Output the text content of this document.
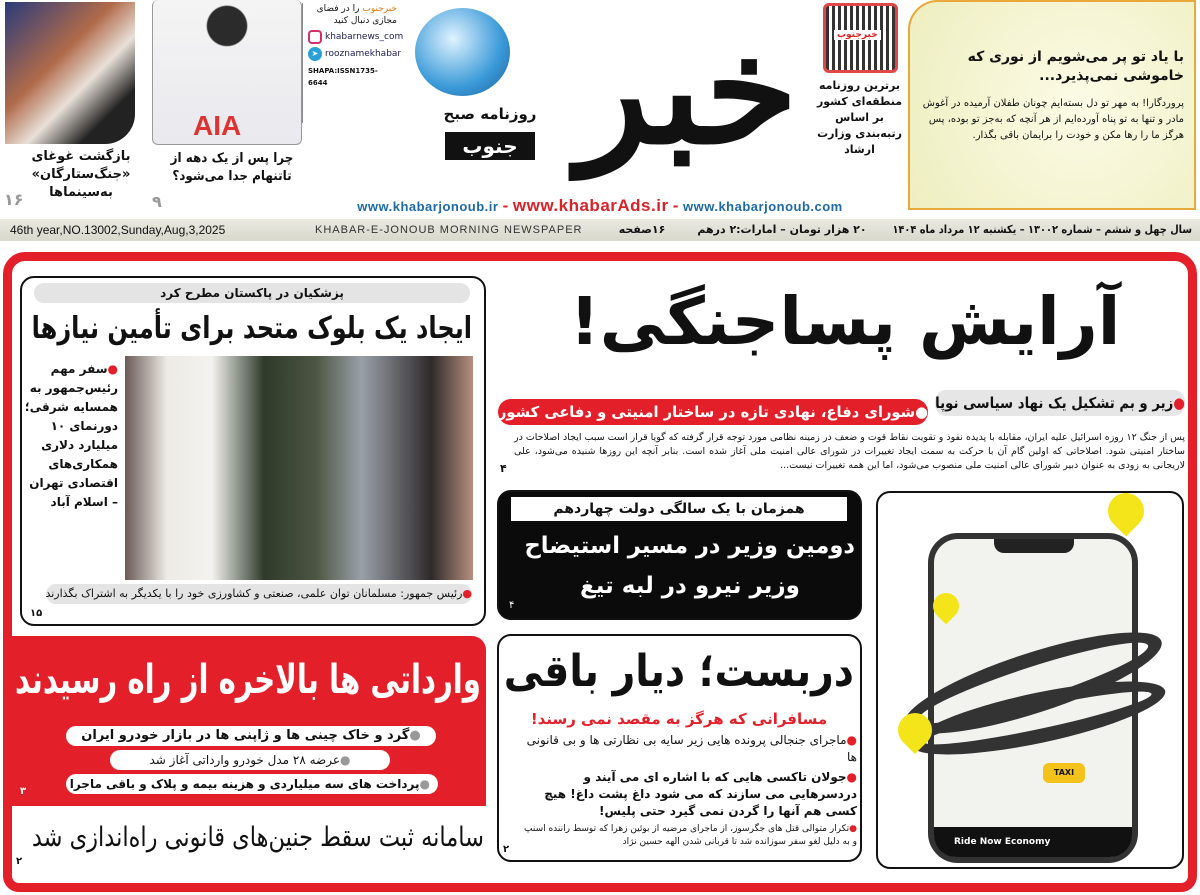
بازگشت غوغای «جنگ‌ستارگان» به‌سینماها
۱۶
AIA
چرا پس از یک دهه از تاتنهام جدا می‌شود؟
۹
خبرجنوب را در فضای مجازی دنبال کنید
khabarnews_com
➤ rooznamekhabar
SHAPA:ISSN1735-6644
روزنامه صبح
جنوب خبر	خبرجنوب
برترین روزنامه منطقه‌ای کشور بر اساس رتبه‌بندی وزارت ارشاد
با یاد تو پر می‌شویم از نوری که خاموشی نمی‌پذیرد...

پروردگارا! به مهر تو دل بسته‌ایم چونان طفلان آرمیده در آغوش مادر و تنها به تو پناه آورده‌ایم از هر آنچه که به‌جز تو بوده، پس هرگز ما را رها مکن و خودت را برایمان باقی بگذار.

www.khabarjonoub.ir - www.khabarAds.ir - www.khabarjonoub.com
46th year,NO.13002,Sunday,Aug,3,2025	KHABAR-E-JONOUB MORNING NEWSPAPER	۱۶صفحه	۲۰ هزار تومان – امارات:۲ درهم	سال چهل و ششم – شماره ۱۳۰۰۲ – یکشنبه ۱۲ مرداد ماه ۱۴۰۴
آرایش پساجنگی!
●زیر و بم تشکیل یک نهاد سیاسی نوپا
●شورای دفاع، نهادی تازه در ساختار امنیتی و دفاعی کشور
پس از جنگ ۱۲ روزه اسرائیل علیه ایران، مقابله با پدیده نفوذ و تقویت نقاط قوت و ضعف در زمینه نظامی مورد توجه قرار گرفته که گویا قرار است سبب ایجاد اصلاحات در ساختار امنیتی شود. اصلاحاتی که اولین گام آن با حرکت به سمت ایجاد تغییرات در شورای عالی امنیت ملی آغاز شده است. بنابر آنچه این روزها شنیده می‌شود، علی لاریجانی به زودی به عنوان دبیر شورای عالی امنیت ملی منصوب می‌شود، اما این همه تغییرات نیست...
۴
پزشکیان در پاکستان مطرح کرد
ایجاد یک بلوک متحد برای تأمین نیازها
●سفر مهم رئیس‌جمهور به همسایه شرقی؛ دورنمای ۱۰ میلیارد دلاری همکاری‌های اقتصادی تهران – اسلام آباد
●رئیس جمهور: مسلمانان توان علمی، صنعتی و کشاورزی خود را با یکدیگر به اشتراک بگذارند
۱۵
همزمان با یک سالگی دولت چهاردهم
دومین وزیر در مسیر استیضاح
وزیر نیرو در لبه تیغ
۴
Ride Now Economy
TAXI
دربست؛ دیار باقی
مسافرانی که هرگز به مقصد نمی رسند!
●ماجرای جنجالی پرونده هایی زیر سایه بی نظارتی ها و بی قانونی ها
●جولان تاکسی هایی که با اشاره ای می آیند و دردسرهایی می سازند که می شود داغ پشت داغ! هیچ کسی هم آنها را گردن نمی گیرد حتی پلیس!
●تکرار متوالی قتل های جگرسوز، از ماجرای مرضیه از بوئین زهرا که توسط راننده اسنپ و به دلیل لغو سفر سوزانده شد تا قربانی شدن الهه حسین نژاد
۲
وارداتی ها بالاخره از راه رسیدند
●گرد و خاک چینی ها و ژاپنی ها در بازار خودرو ایران
●عرضه ۲۸ مدل خودرو وارداتی آغاز شد
●پرداخت های سه میلیاردی و هزینه بیمه و پلاک و باقی ماجرا
۳
سامانه ثبت سقط جنین‌های قانونی راه‌اندازی شد
۲
